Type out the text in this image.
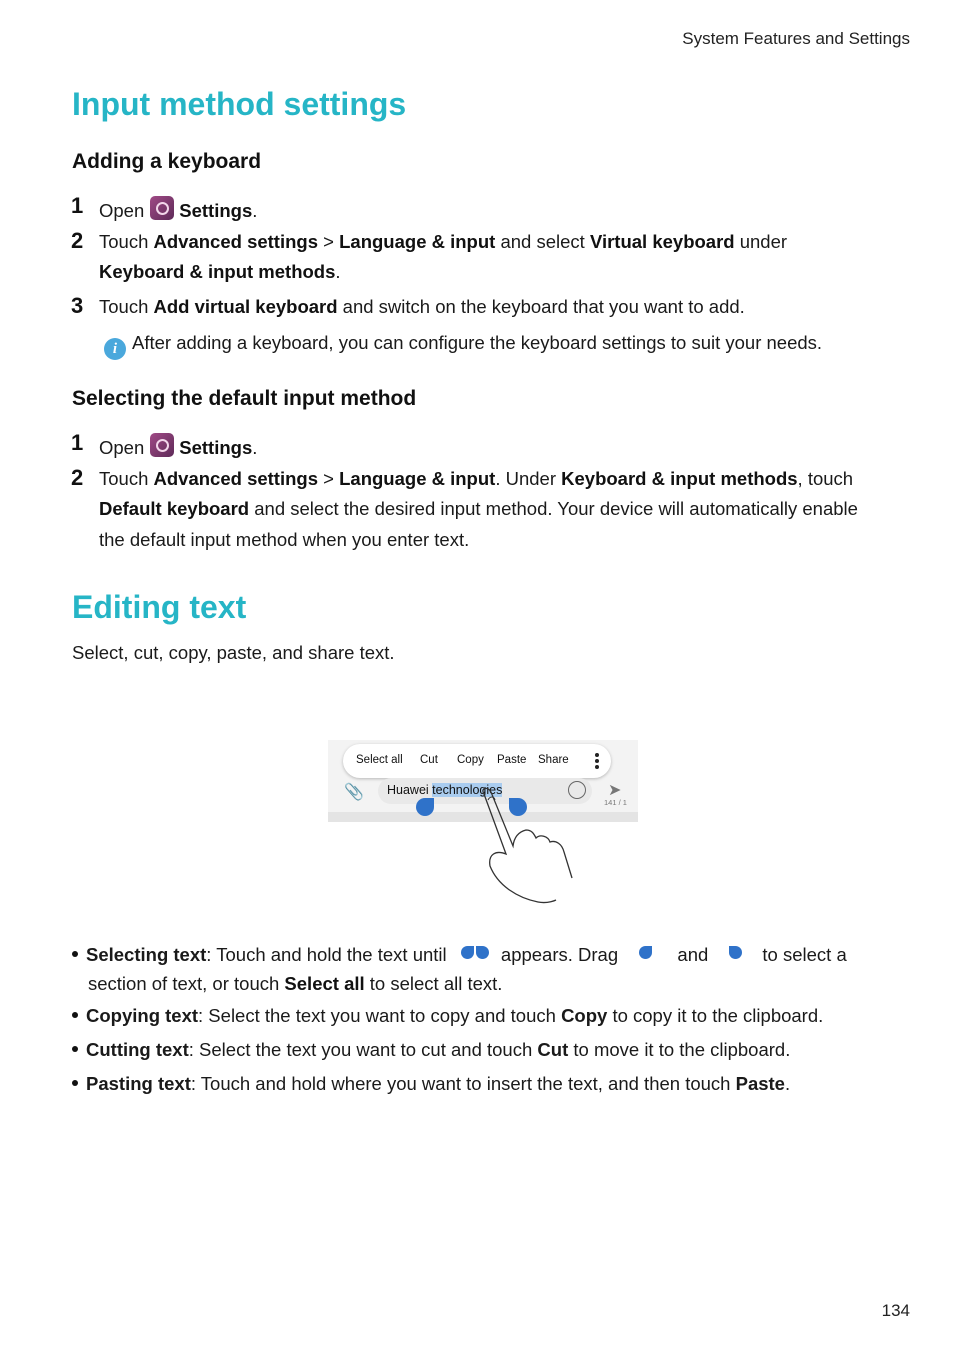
System Features and Settings
Input method settings
Adding a keyboard
1 Open Settings.
2 Touch Advanced settings > Language & input and select Virtual keyboard under
Keyboard & input methods.
3 Touch Add virtual keyboard and switch on the keyboard that you want to add.
i After adding a keyboard, you can configure the keyboard settings to suit your needs.
Selecting the default input method
1 Open Settings.
2 Touch Advanced settings > Language & input. Under Keyboard & input methods, touch
Default keyboard and select the desired input method. Your device will automatically enable
the default input method when you enter text.
Editing text
Select, cut, copy, paste, and share text.
Select all Cut Copy Paste Share
📎 Huawei technologies	➤
141 / 1
Selecting text: Touch and hold the text until  appears. Drag	and        to select a
section of text, or touch Select all to select all text.
Copying text: Select the text you want to copy and touch Copy to copy it to the clipboard.
Cutting text: Select the text you want to cut and touch Cut to move it to the clipboard.
Pasting text: Touch and hold where you want to insert the text, and then touch Paste.
134
